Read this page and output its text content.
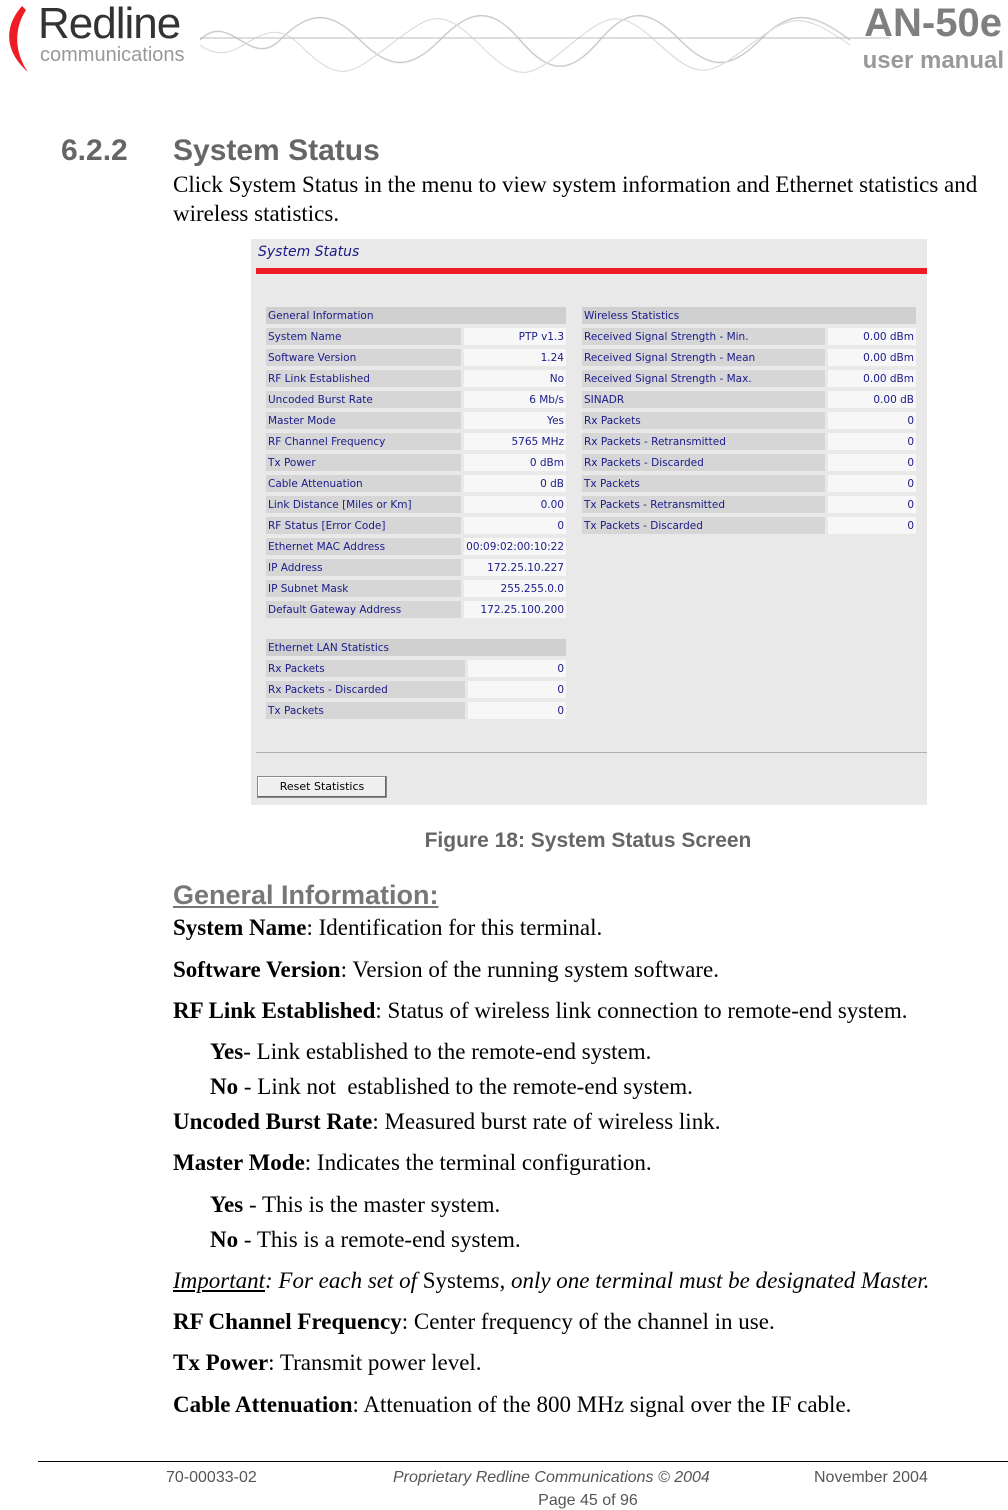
Redline
communications
AN-50e
user manual
6.2.2 System Status
Click System Status in the menu to view system information and Ethernet statistics and wireless statistics.
System Status
General Information		
System Name		PTP v1.3
Software Version		1.24
RF Link Established		No
Uncoded Burst Rate		6 Mb/s
Master Mode		Yes
RF Channel Frequency		5765 MHz
Tx Power		0 dBm
Cable Attenuation		0 dB
Link Distance [Miles or Km]		0.00
RF Status [Error Code]		0
Ethernet MAC Address		00:09:02:00:10:22
IP Address		172.25.10.227
IP Subnet Mask		255.255.0.0
Default Gateway Address		172.25.100.200
Ethernet LAN Statistics		
Rx Packets		0
Rx Packets - Discarded		0
Tx Packets		0
Wireless Statistics		
Received Signal Strength - Min.		0.00 dBm
Received Signal Strength - Mean		0.00 dBm
Received Signal Strength - Max.		0.00 dBm
SINADR		0.00 dB
Rx Packets		0
Rx Packets - Retransmitted		0
Rx Packets - Discarded		0
Tx Packets		0
Tx Packets - Retransmitted		0
Tx Packets - Discarded		0
Reset Statistics
Figure 18: System Status Screen
General Information:
System Name: Identification for this terminal.
Software Version: Version of the running system software.
RF Link Established: Status of wireless link connection to remote-end system.
Yes- Link established to the remote-end system.
No - Link not  established to the remote-end system.
Uncoded Burst Rate: Measured burst rate of wireless link.
Master Mode: Indicates the terminal configuration.
Yes - This is the master system.
No - This is a remote-end system.
Important: For each set of Systems, only one terminal must be designated Master.
RF Channel Frequency: Center frequency of the channel in use.
Tx Power: Transmit power level.
Cable Attenuation: Attenuation of the 800 MHz signal over the IF cable.
70-00033-02	Proprietary Redline Communications © 2004	November 2004
Page 45 of 96
